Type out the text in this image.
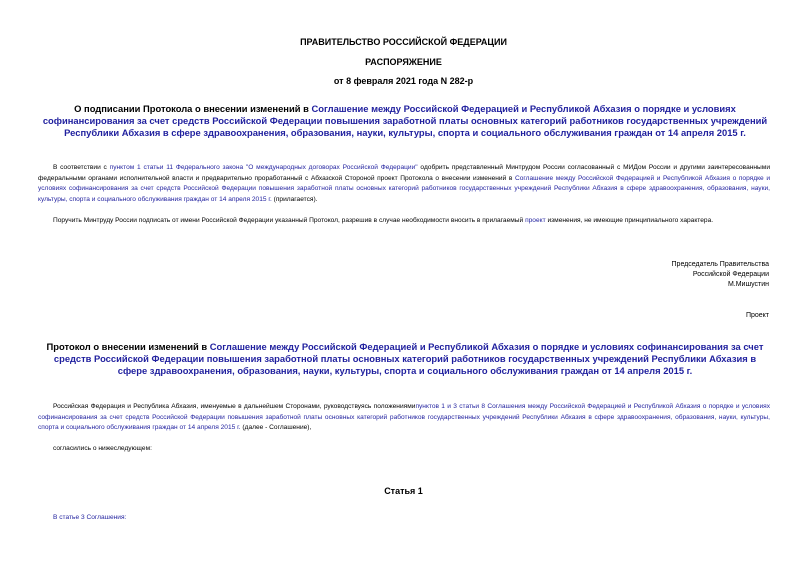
ПРАВИТЕЛЬСТВО РОССИЙСКОЙ ФЕДЕРАЦИИ
РАСПОРЯЖЕНИЕ
от 8 февраля 2021 года N 282-р
О подписании Протокола о внесении изменений в Соглашение между Российской Федерацией и Республикой Абхазия о порядке и условиях софинансирования за счет средств Российской Федерации повышения заработной платы основных категорий работников государственных учреждений Республики Абхазия в сфере здравоохранения, образования, науки, культуры, спорта и социального обслуживания граждан от 14 апреля 2015 г.
В соответствии с пунктом 1 статьи 11 Федерального закона "О международных договорах Российской Федерации" одобрить представленный Минтрудом России согласованный с МИДом России и другими заинтересованными федеральными органами исполнительной власти и предварительно проработанный с Абхазской Стороной проект Протокола о внесении изменений в Соглашение между Российской Федерацией и Республикой Абхазия о порядке и условиях софинансирования за счет средств Российской Федерации повышения заработной платы основных категорий работников государственных учреждений Республики Абхазия в сфере здравоохранения, образования, науки, культуры, спорта и социального обслуживания граждан от 14 апреля 2015 г. (прилагается).
Поручить Минтруду России подписать от имени Российской Федерации указанный Протокол, разрешив в случае необходимости вносить в прилагаемый проект изменения, не имеющие принципиального характера.
Председатель Правительства
Российской Федерации
М.Мишустин
Проект
Протокол о внесении изменений в Соглашение между Российской Федерацией и Республикой Абхазия о порядке и условиях софинансирования за счет средств Российской Федерации повышения заработной платы основных категорий работников государственных учреждений Республики Абхазия в сфере здравоохранения, образования, науки, культуры, спорта и социального обслуживания граждан от 14 апреля 2015 г.
Российская Федерация и Республика Абхазия, именуемые в дальнейшем Сторонами, руководствуясь положениямипунктов 1 и 3 статьи 8 Соглашения между Российской Федерацией и Республикой Абхазия о порядке и условиях софинансирования за счет средств Российской Федерации повышения заработной платы основных категорий работников государственных учреждений Республики Абхазия в сфере здравоохранения, образования, науки, культуры, спорта и социального обслуживания граждан от 14 апреля 2015 г. (далее - Соглашение),
согласились о нижеследующем:
Статья 1
В статье 3 Соглашения:
